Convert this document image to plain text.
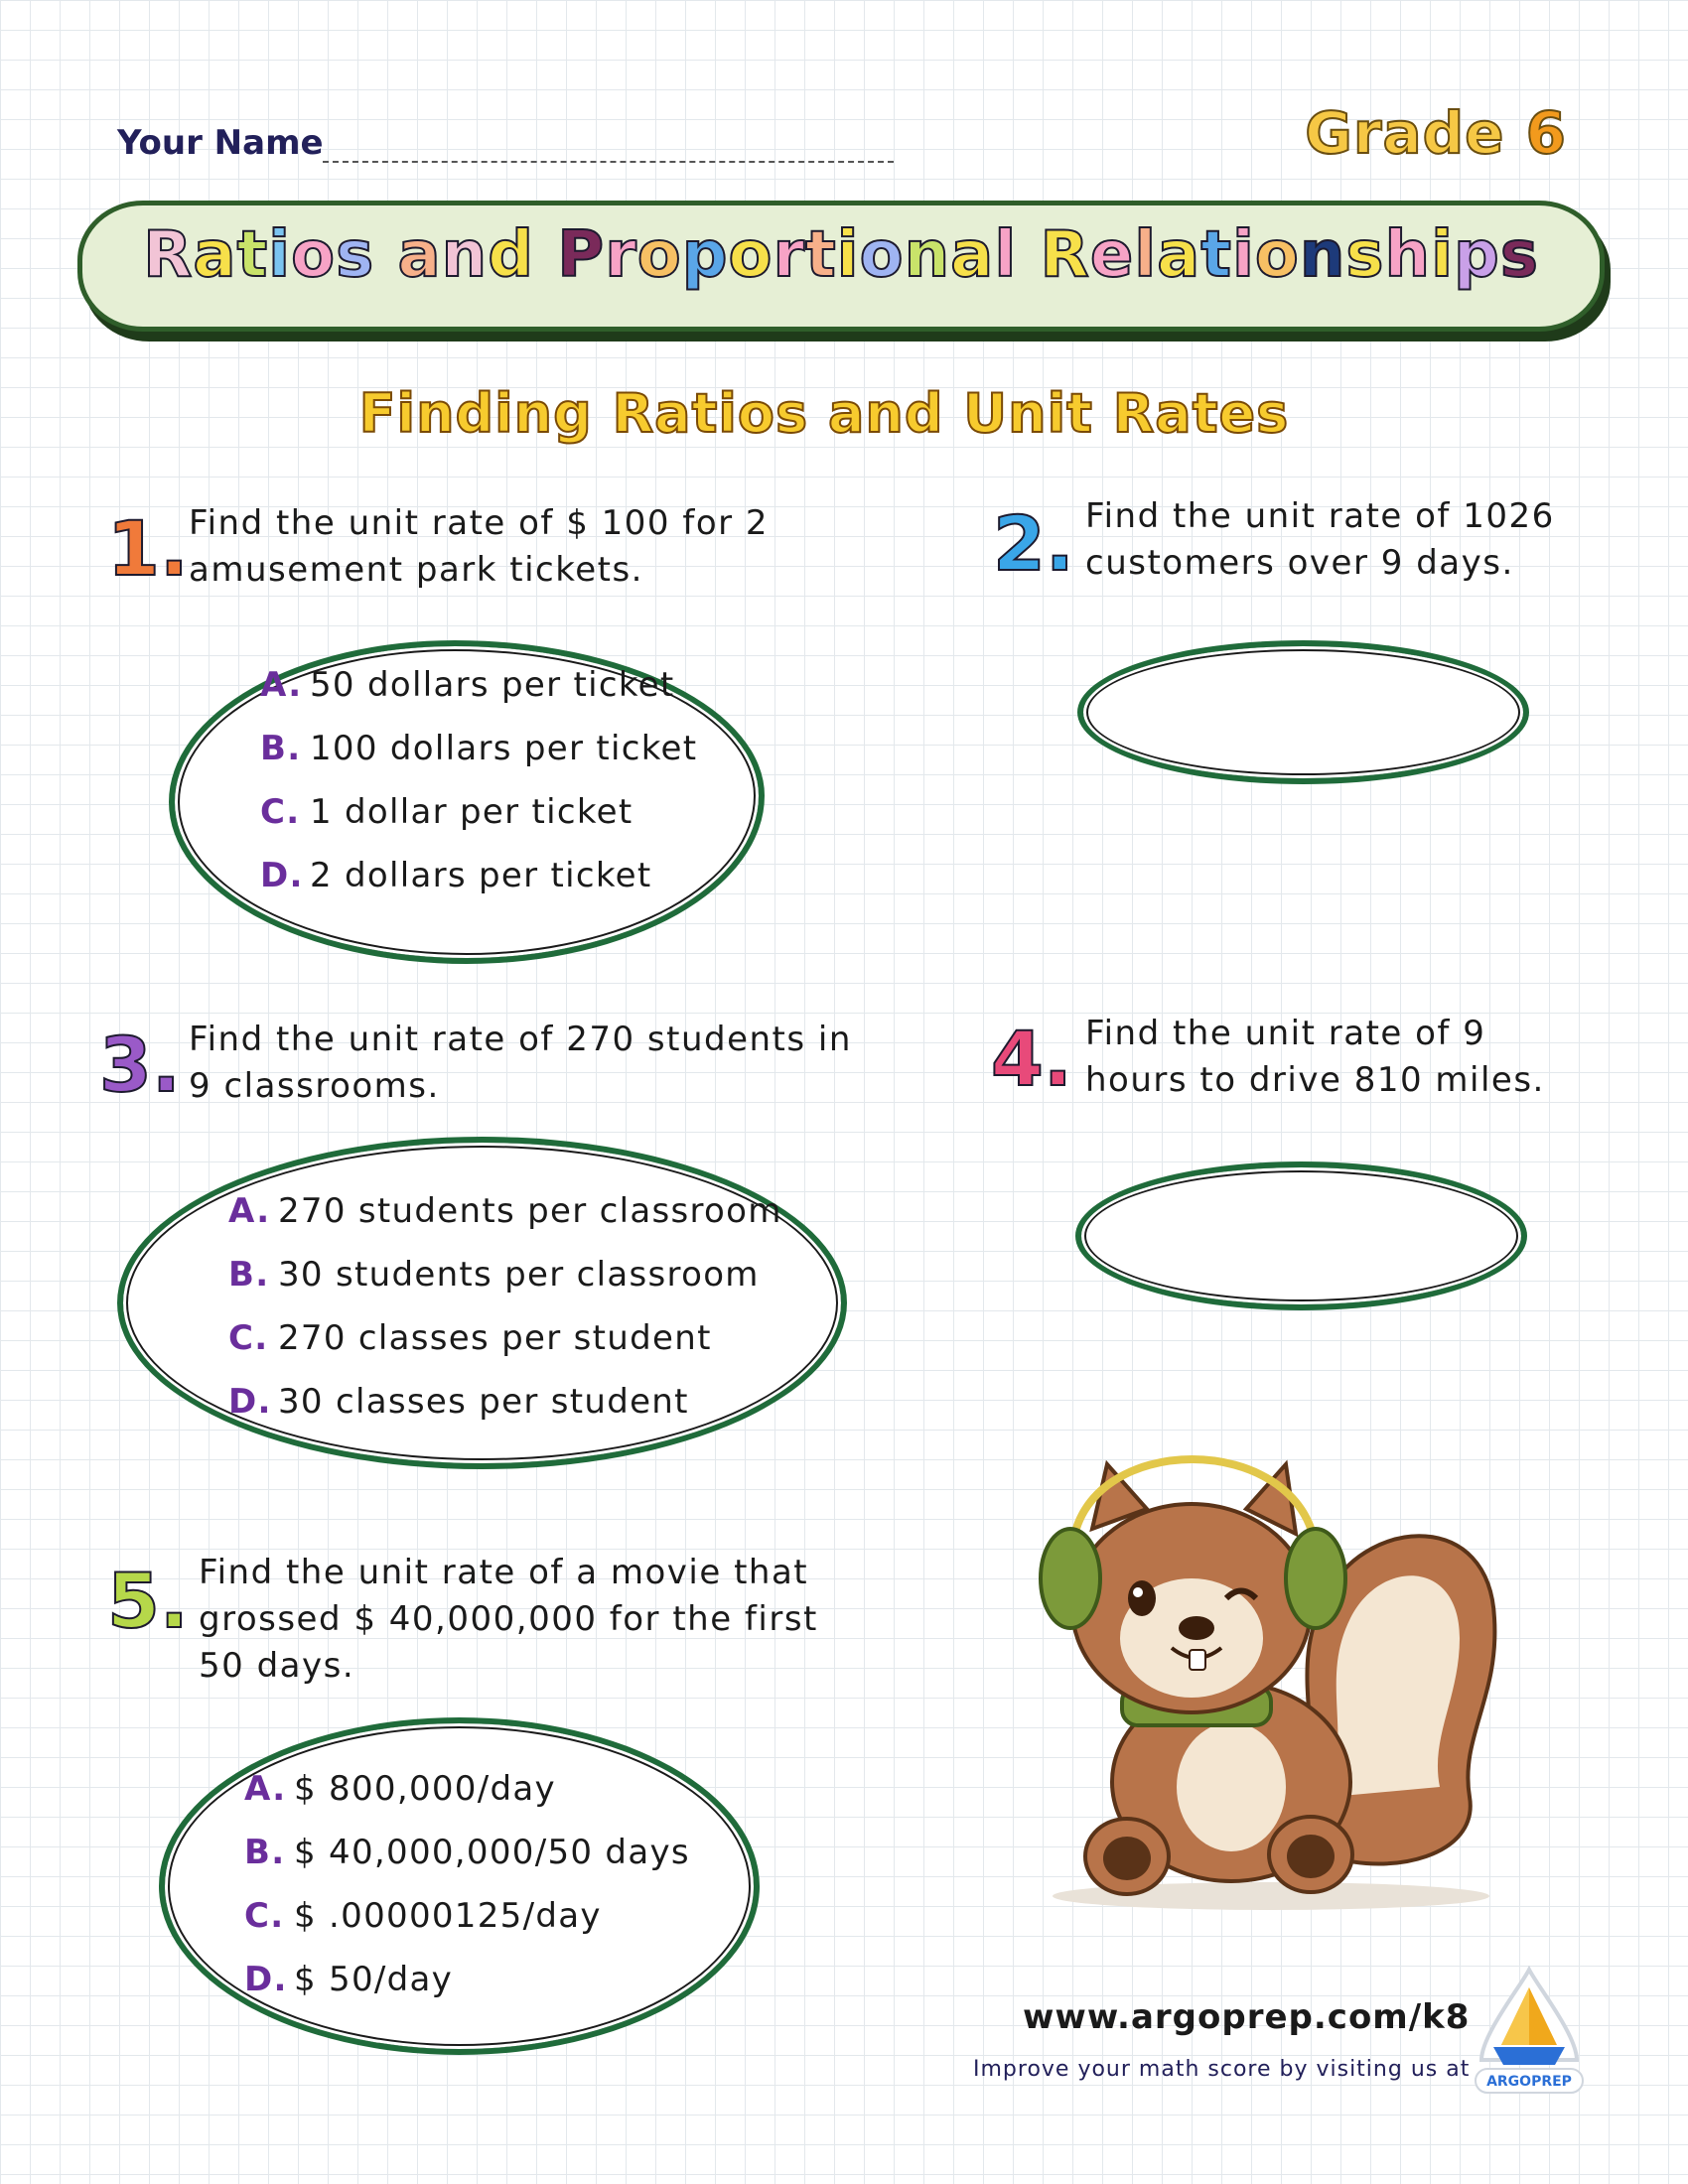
Your Name	Grade 6
Ratios and Proportional Relationships
Finding Ratios and Unit Rates
1. Find the unit rate of $ 100 for 2 amusement park tickets.
A. 50 dollars per ticket
B. 100 dollars per ticket
C. 1 dollar per ticket
D. 2 dollars per ticket
2. Find the unit rate of 1026 customers over 9 days.
3. Find the unit rate of 270 students in 9 classrooms.
A. 270 students per classroom
B. 30 students per classroom
C. 270 classes per student
D. 30 classes per student
4. Find the unit rate of 9 hours to drive 810 miles.
5. Find the unit rate of a movie that grossed $ 40,000,000 for the first 50 days.
A. $ 800,000/day
B. $ 40,000,000/50 days
C. $ .00000125/day
D. $ 50/day
www.argoprep.com/k8
Improve your math score by visiting us at ARGOPREP
